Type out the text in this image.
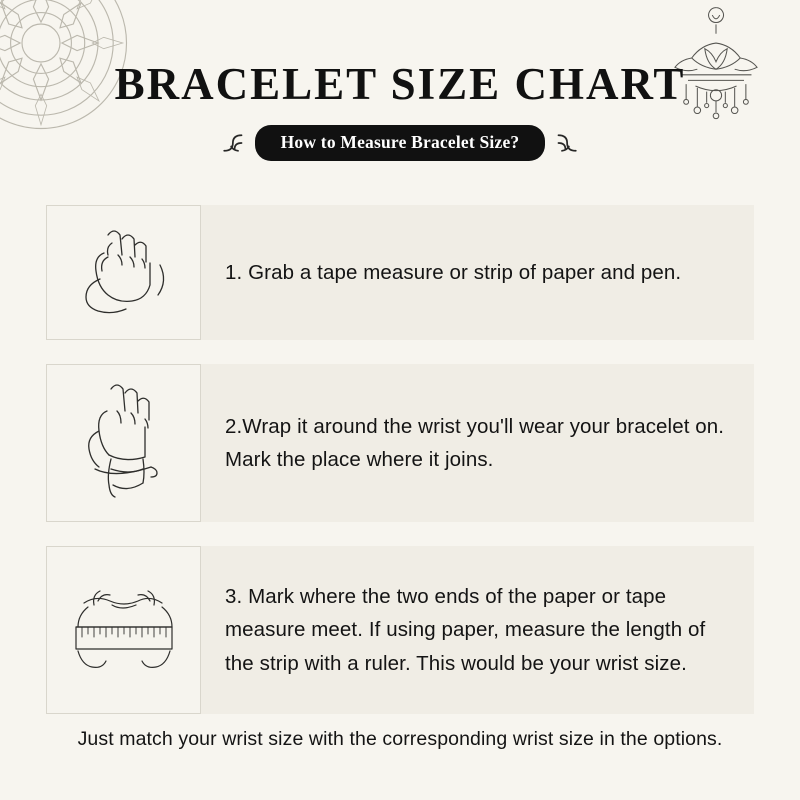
BRACELET SIZE CHART
How to Measure Bracelet Size?
1. Grab a tape measure or strip of paper and pen.
2.Wrap it around the wrist you'll wear your bracelet on. Mark the place where it joins.
3. Mark where the two ends of the paper or tape measure meet. If using paper, measure the length of the strip with a ruler. This would be your wrist size.
Just match your wrist size with the corresponding wrist size in the options.
